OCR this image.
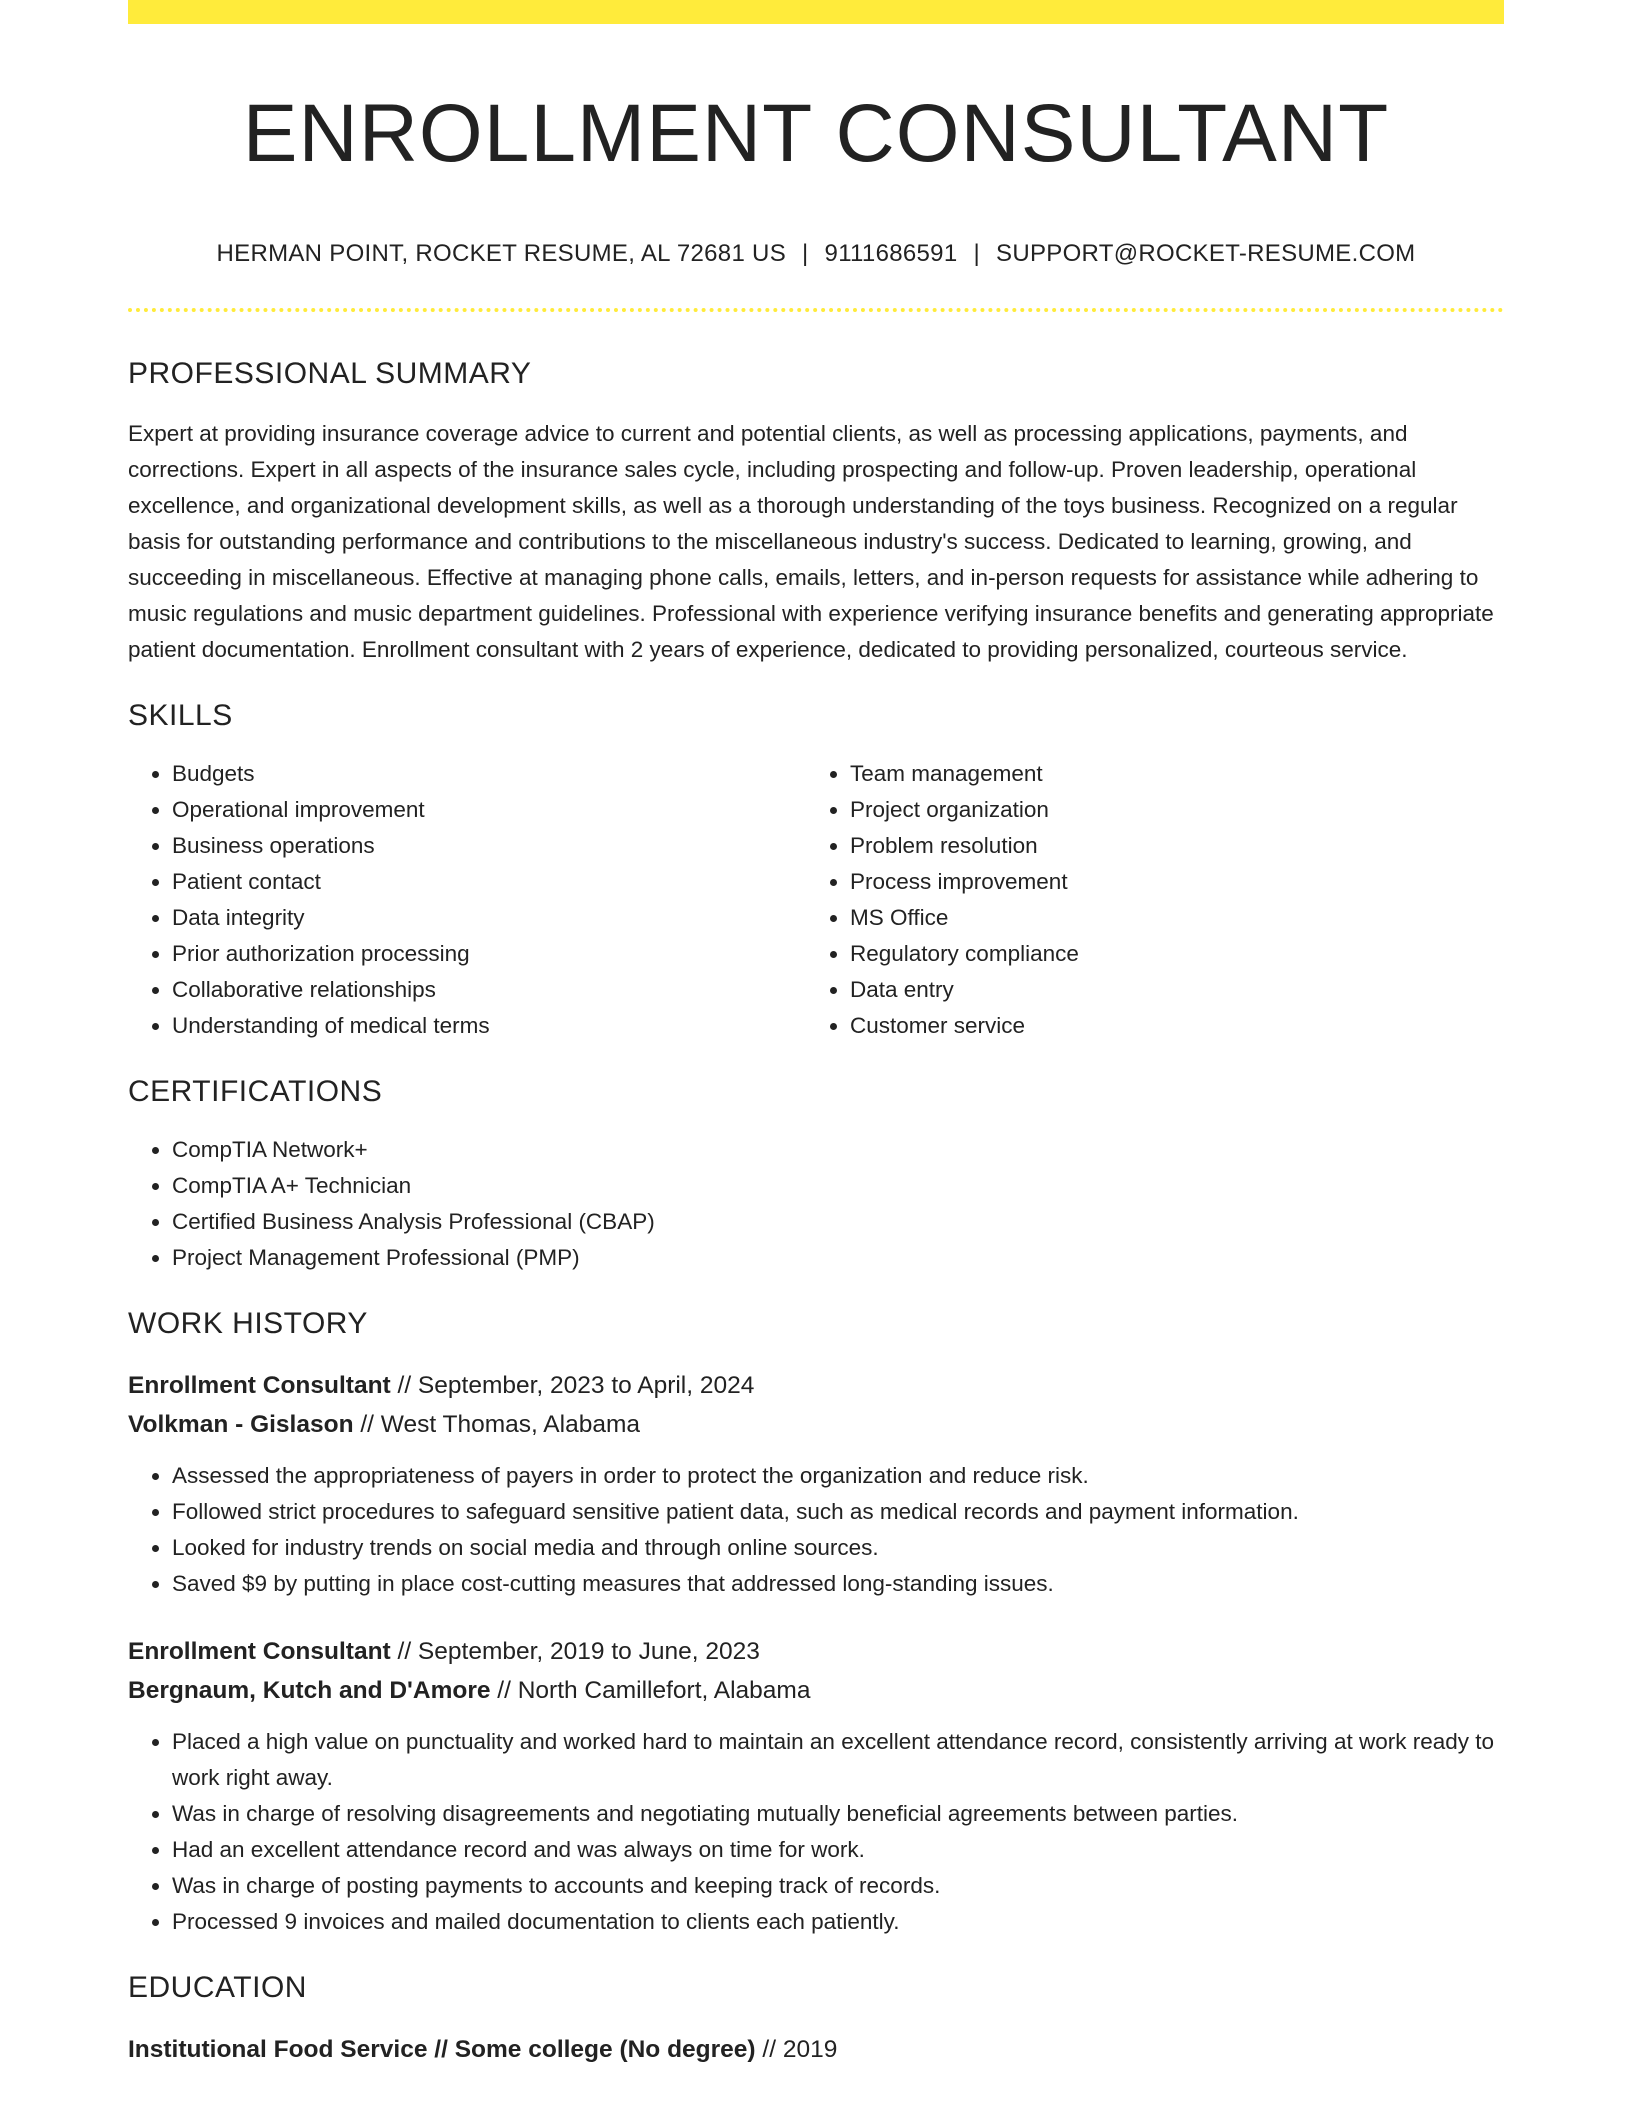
ENROLLMENT CONSULTANT
HERMAN POINT, ROCKET RESUME, AL 72681 US | 9111686591 | SUPPORT@ROCKET-RESUME.COM
PROFESSIONAL SUMMARY

Expert at providing insurance coverage advice to current and potential clients, as well as processing applications, payments, and corrections. Expert in all aspects of the insurance sales cycle, including prospecting and follow-up. Proven leadership, operational excellence, and organizational development skills, as well as a thorough understanding of the toys business. Recognized on a regular basis for outstanding performance and contributions to the miscellaneous industry's success. Dedicated to learning, growing, and succeeding in miscellaneous. Effective at managing phone calls, emails, letters, and in-person requests for assistance while adhering to music regulations and music department guidelines. Professional with experience verifying insurance benefits and generating appropriate patient documentation. Enrollment consultant with 2 years of experience, dedicated to providing personalized, courteous service.

SKILLS
• Budgets
• Operational improvement
• Business operations
• Patient contact
• Data integrity
• Prior authorization processing
• Collaborative relationships
• Understanding of medical terms
• Team management
• Project organization
• Problem resolution
• Process improvement
• MS Office
• Regulatory compliance
• Data entry
• Customer service
CERTIFICATIONS
• CompTIA Network+
• CompTIA A+ Technician
• Certified Business Analysis Professional (CBAP)
• Project Management Professional (PMP)
WORK HISTORY
Enrollment Consultant // September, 2023 to April, 2024
Volkman - Gislason // West Thomas, Alabama
• Assessed the appropriateness of payers in order to protect the organization and reduce risk.
• Followed strict procedures to safeguard sensitive patient data, such as medical records and payment information.
• Looked for industry trends on social media and through online sources.
• Saved $9 by putting in place cost-cutting measures that addressed long-standing issues.
Enrollment Consultant // September, 2019 to June, 2023
Bergnaum, Kutch and D'Amore // North Camillefort, Alabama
• Placed a high value on punctuality and worked hard to maintain an excellent attendance record, consistently arriving at work ready to work right away.
• Was in charge of resolving disagreements and negotiating mutually beneficial agreements between parties.
• Had an excellent attendance record and was always on time for work.
• Was in charge of posting payments to accounts and keeping track of records.
• Processed 9 invoices and mailed documentation to clients each patiently.
EDUCATION
Institutional Food Service // Some college (No degree) // 2019
